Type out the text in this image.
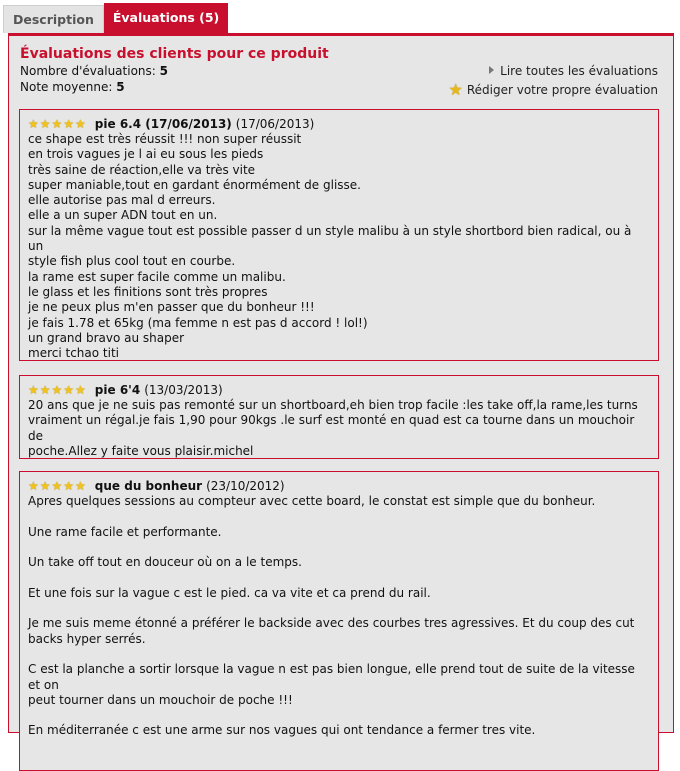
Description	Évaluations (5)
Évaluations des clients pour ce produit
Nombre d'évaluations: 5
Note moyenne: 5
Lire toutes les évaluations
★ Rédiger votre propre évaluation
★★★★★ pie 6.4 (17/06/2013) (17/06/2013)
ce shape est très réussit !!! non super réussit
en trois vagues je l ai eu sous les pieds
très saine de réaction,elle va très vite
super maniable,tout en gardant énormément de glisse.
elle autorise pas mal d erreurs.
elle a un super ADN tout en un.
sur la même vague tout est possible passer d un style malibu à un style shortbord bien radical, ou à un
style fish plus cool tout en courbe.
la rame est super facile comme un malibu.
le glass et les finitions sont très propres
je ne peux plus m'en passer que du bonheur !!!
je fais 1.78 et 65kg (ma femme n est pas d accord ! lol!)
un grand bravo au shaper
merci tchao titi
★★★★★ pie 6'4 (13/03/2013)
20 ans que je ne suis pas remonté sur un shortboard,eh bien trop facile :les take off,la rame,les turns
vraiment un régal.je fais 1,90 pour 90kgs .le surf est monté en quad est ca tourne dans un mouchoir de
poche.Allez y faite vous plaisir.michel
★★★★★ que du bonheur (23/10/2012)
Apres quelques sessions au compteur avec cette board, le constat est simple que du bonheur.

Une rame facile et performante.

Un take off tout en douceur où on a le temps.

Et une fois sur la vague c est le pied. ca va vite et ca prend du rail.

Je me suis meme étonné a préférer le backside avec des courbes tres agressives. Et du coup des cut
backs hyper serrés.

C est la planche a sortir lorsque la vague n est pas bien longue, elle prend tout de suite de la vitesse et on
peut tourner dans un mouchoir de poche !!!

En méditerranée c est une arme sur nos vagues qui ont tendance a fermer tres vite.
